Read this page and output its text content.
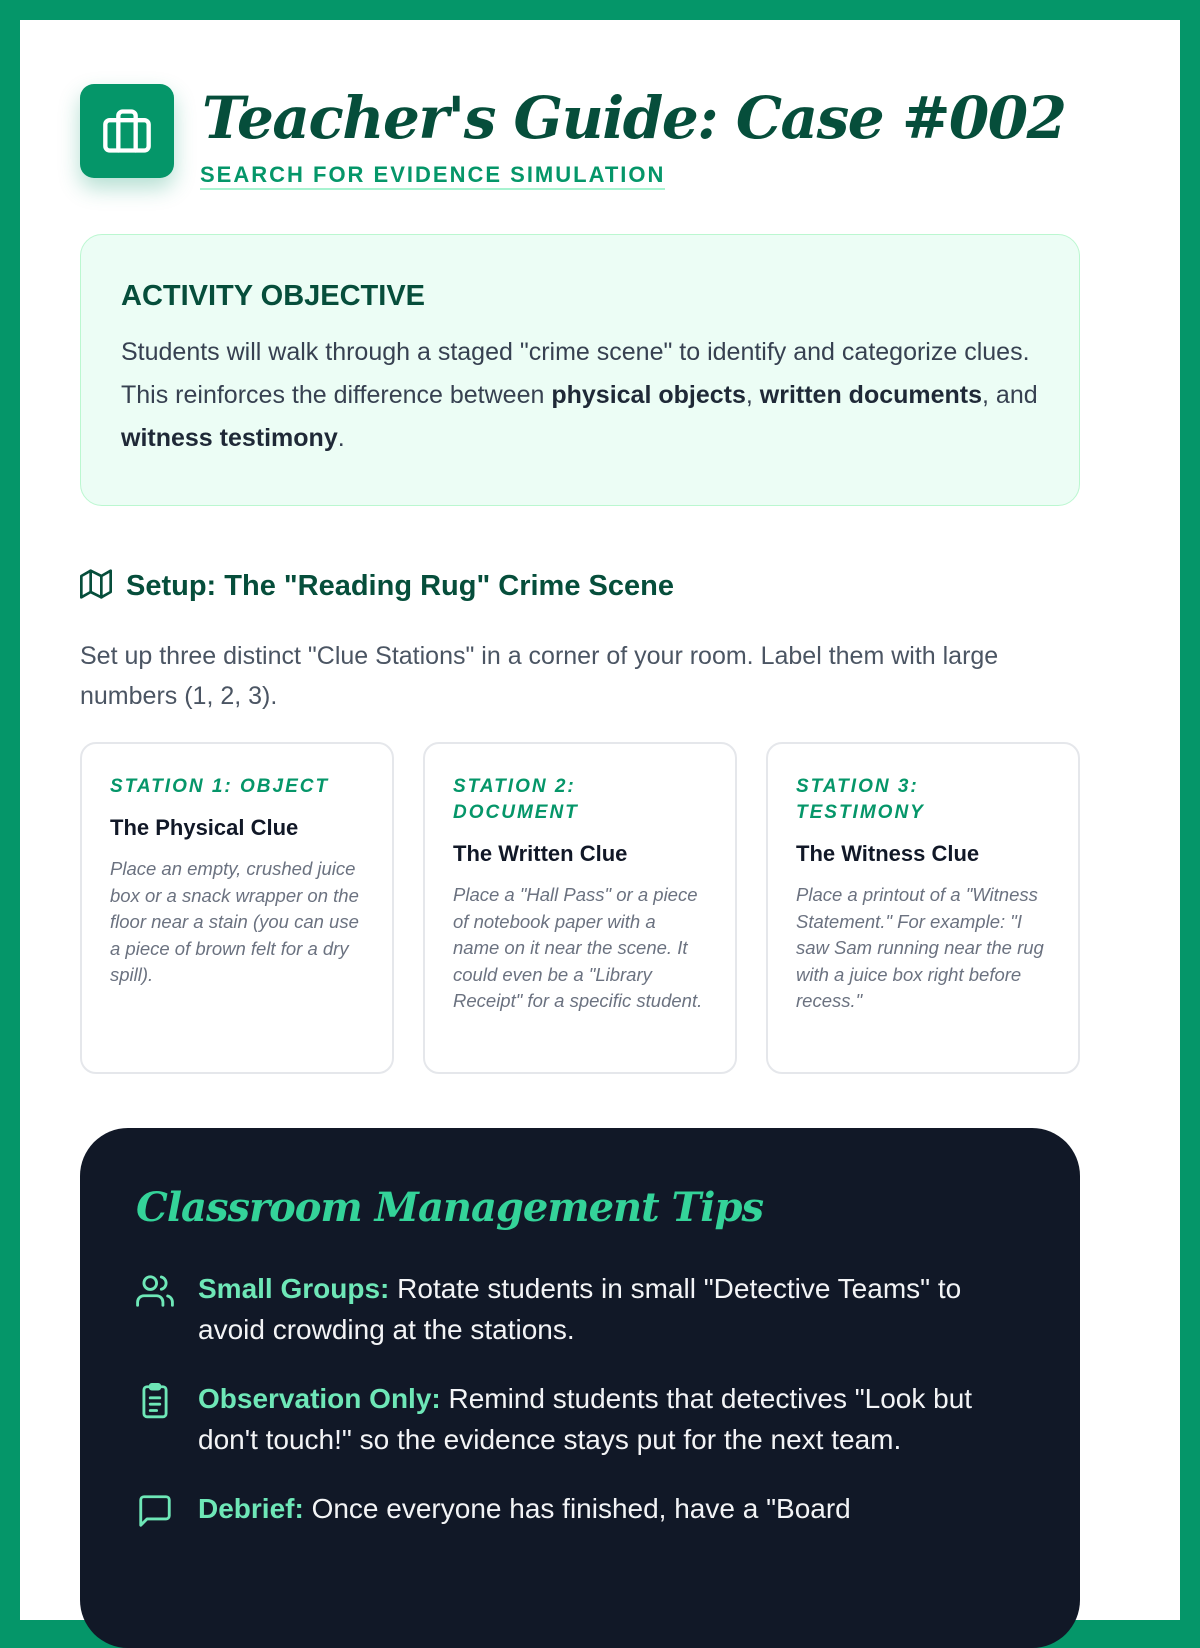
Teacher's Guide: Case #002
SEARCH FOR EVIDENCE SIMULATION
ACTIVITY OBJECTIVE

Students will walk through a staged "crime scene" to identify and categorize clues. This reinforces the difference between physical objects, written documents, and witness testimony.

Setup: The "Reading Rug" Crime Scene
Set up three distinct "Clue Stations" in a corner of your room. Label them with large numbers (1, 2, 3).
STATION 1: OBJECT
The Physical Clue
Place an empty, crushed juice box or a snack wrapper on the floor near a stain (you can use a piece of brown felt for a dry spill).
STATION 2: DOCUMENT
The Written Clue
Place a "Hall Pass" or a piece of notebook paper with a name on it near the scene. It could even be a "Library Receipt" for a specific student.
STATION 3: TESTIMONY
The Witness Clue
Place a printout of a "Witness Statement." For example: "I saw Sam running near the rug with a juice box right before recess."
Classroom Management Tips
Small Groups: Rotate students in small "Detective Teams" to avoid crowding at the stations.
Observation Only: Remind students that detectives "Look but don't touch!" so the evidence stays put for the next team.
Debrief: Once everyone has finished, have a "Board
